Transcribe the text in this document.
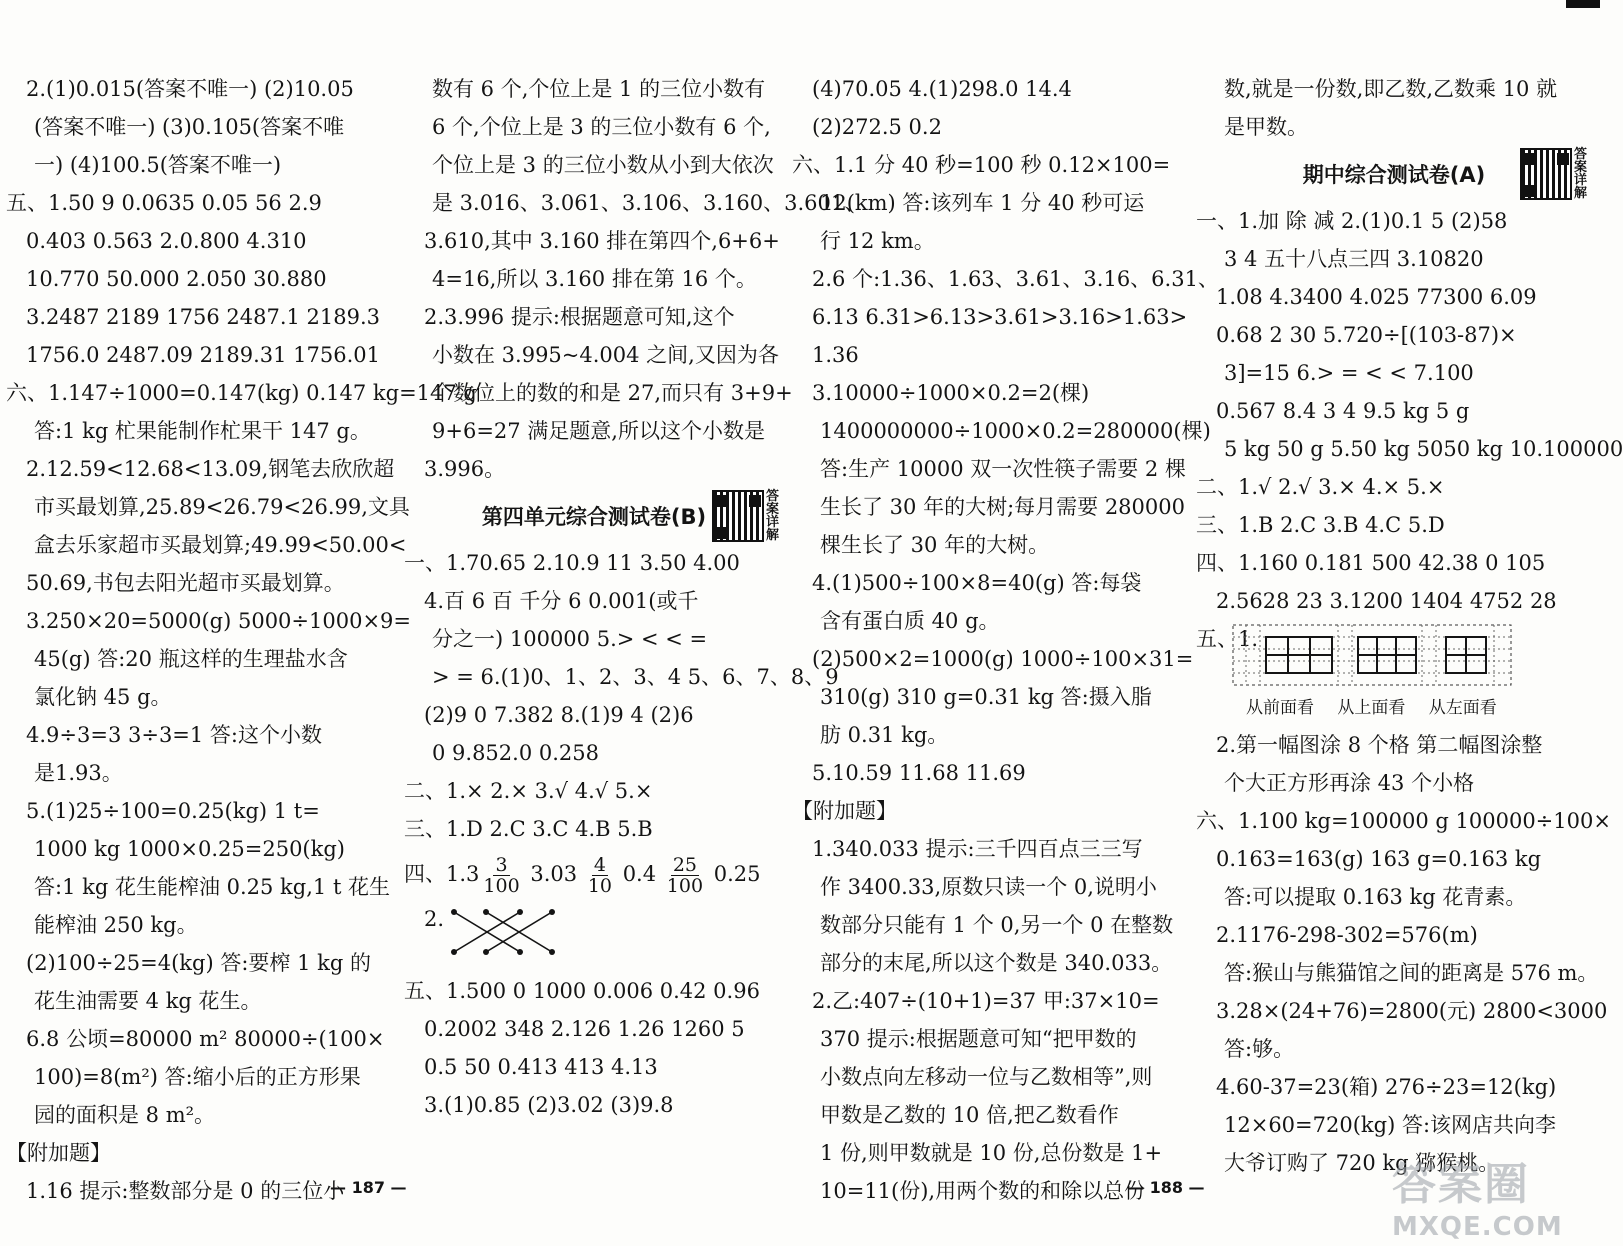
2.(1)0.015(答案不唯一) (2)10.05
(答案不唯一) (3)0.105(答案不唯
一) (4)100.5(答案不唯一)
五、1.50 9 0.0635 0.05 56 2.9
0.403 0.563 2.0.800 4.310
10.770 50.000 2.050 30.880
3.2487 2189 1756 2487.1 2189.3
1756.0 2487.09 2189.31 1756.01
六、1.147÷1000=0.147(kg) 0.147 kg=147 g
答:1 kg 杧果能制作杧果干 147 g。
2.12.59<12.68<13.09,钢笔去欣欣超
市买最划算,25.89<26.79<26.99,文具
盒去乐家超市买最划算;49.99<50.00<
50.69,书包去阳光超市买最划算。
3.250×20=5000(g) 5000÷1000×9=
45(g) 答:20 瓶这样的生理盐水含
氯化钠 45 g。
4.9÷3=3 3÷3=1 答:这个小数
是1.93。
5.(1)25÷100=0.25(kg) 1 t=
1000 kg 1000×0.25=250(kg)
答:1 kg 花生能榨油 0.25 kg,1 t 花生
能榨油 250 kg。
(2)100÷25=4(kg) 答:要榨 1 kg 的
花生油需要 4 kg 花生。
6.8 公顷=80000 m² 80000÷(100×
100)=8(m²) 答:缩小后的正方形果
园的面积是 8 m²。
【附加题】
1.16 提示:整数部分是 0 的三位小
数有 6 个,个位上是 1 的三位小数有
6 个,个位上是 3 的三位小数有 6 个,
个位上是 3 的三位小数从小到大依次
是 3.016、3.061、3.106、3.160、3.601、
3.610,其中 3.160 排在第四个,6+6+
4=16,所以 3.160 排在第 16 个。
2.3.996 提示:根据题意可知,这个
小数在 3.995~4.004 之间,又因为各
个数位上的数的和是 27,而只有 3+9+
9+6=27 满足题意,所以这个小数是
3.996。
第四单元综合测试卷(B)
答案详解
一、1.70.65 2.10.9 11 3.50 4.00
4.百 6 百 千分 6 0.001(或千
分之一) 100000 5.> < < =
> = 6.(1)0、1、2、3、4 5、6、7、8、9
(2)9 0 7.382 8.(1)9 4 (2)6
0 9.852.0 0.258
二、1.× 2.× 3.√ 4.√ 5.×
三、1.D 2.C 3.C 4.B 5.B
四、$1.3 \frac{3}{100} 3.03 \frac{4}{10} 0.4 \frac{25}{100} 0.25$
2.
五、1.500 0 1000 0.006 0.42 0.96
0.2002 348 2.126 1.26 1260 5
0.5 50 0.413 413 4.13
3.(1)0.85 (2)3.02 (3)9.8
(4)70.05 4.(1)298.0 14.4
(2)272.5 0.2
六、1.1 分 40 秒=100 秒 0.12×100=
12(km) 答:该列车 1 分 40 秒可运
行 12 km。
2.6 个:1.36、1.63、3.61、3.16、6.31、
6.13 6.31>6.13>3.61>3.16>1.63>
1.36
3.10000÷1000×0.2=2(棵)
1400000000÷1000×0.2=280000(棵)
答:生产 10000 双一次性筷子需要 2 棵
生长了 30 年的大树;每月需要 280000
棵生长了 30 年的大树。
4.(1)500÷100×8=40(g) 答:每袋
含有蛋白质 40 g。
(2)500×2=1000(g) 1000÷100×31=
310(g) 310 g=0.31 kg 答:摄入脂
肪 0.31 kg。
5.10.59 11.68 11.69
【附加题】
1.340.033 提示:三千四百点三三写
作 3400.33,原数只读一个 0,说明小
数部分只能有 1 个 0,另一个 0 在整数
部分的末尾,所以这个数是 340.033。
2.乙:407÷(10+1)=37 甲:37×10=
370 提示:根据题意可知“把甲数的
小数点向左移动一位与乙数相等”,则
甲数是乙数的 10 倍,把乙数看作
1 份,则甲数就是 10 份,总份数是 1+
10=11(份),用两个数的和除以总份
数,就是一份数,即乙数,乙数乘 10 就
是甲数。
期中综合测试卷(A)
答案详解
一、1.加 除 减 2.(1)0.1 5 (2)58
3 4 五十八点三四 3.10820
1.08 4.3400 4.025 77300 6.09
0.68 2 30 5.720÷[(103-87)×
3]=15 6.> = < < 7.100
0.567 8.4 3 4 9.5 kg 5 g
5 kg 50 g 5.50 kg 5050 kg 10.100000
二、1.√ 2.√ 3.× 4.× 5.×
三、1.B 2.C 3.B 4.C 5.D
四、1.160 0.181 500 42.38 0 105
2.5628 23 3.1200 1404 4752 28
五、1.
从前面看 从上面看 从左面看
2.第一幅图涂 8 个格 第二幅图涂整
个大正方形再涂 43 个小格
六、1.100 kg=100000 g 100000÷100×
0.163=163(g) 163 g=0.163 kg
答:可以提取 0.163 kg 花青素。
2.1176-298-302=576(m)
答:猴山与熊猫馆之间的距离是 576 m。
3.28×(24+76)=2800(元) 2800<3000
答:够。
4.60-37=23(箱) 276÷23=12(kg)
12×60=720(kg) 答:该网店共向李
大爷订购了 720 kg 猕猴桃。
— 187 —	— 188 —	答案圈
MXQE.COM
